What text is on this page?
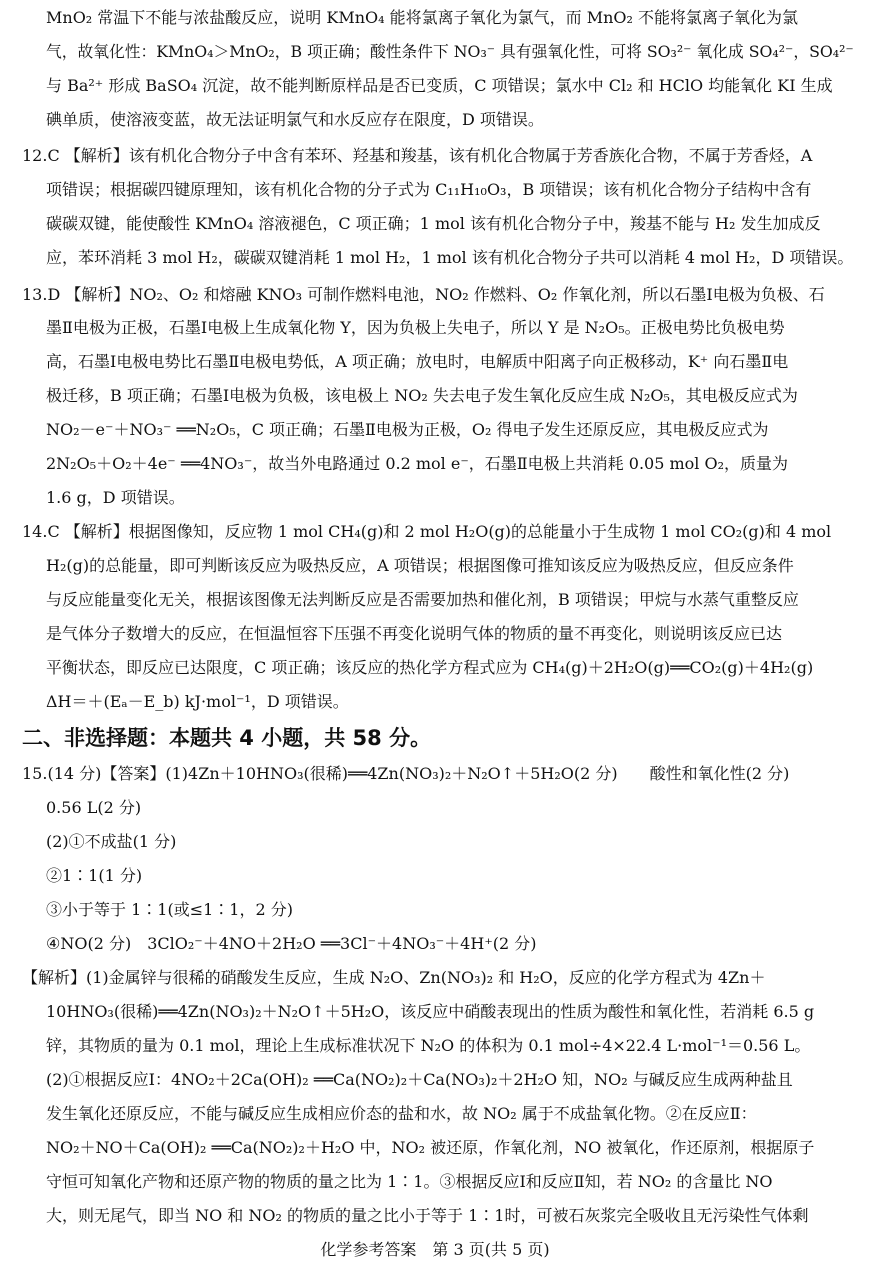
MnO₂ 常温下不能与浓盐酸反应，说明 KMnO₄ 能将氯离子氧化为氯气，而 MnO₂ 不能将氯离子氧化为氯
气，故氧化性：KMnO₄＞MnO₂，B 项正确；酸性条件下 NO₃⁻ 具有强氧化性，可将 SO₃²⁻ 氧化成 SO₄²⁻，SO₄²⁻
与 Ba²⁺ 形成 BaSO₄ 沉淀，故不能判断原样品是否已变质，C 项错误；氯水中 Cl₂ 和 HClO 均能氧化 KI 生成
碘单质，使溶液变蓝，故无法证明氯气和水反应存在限度，D 项错误。
12.C 【解析】该有机化合物分子中含有苯环、羟基和羧基，该有机化合物属于芳香族化合物，不属于芳香烃，A
项错误；根据碳四键原理知，该有机化合物的分子式为 C₁₁H₁₀O₃，B 项错误；该有机化合物分子结构中含有
碳碳双键，能使酸性 KMnO₄ 溶液褪色，C 项正确；1 mol 该有机化合物分子中，羧基不能与 H₂ 发生加成反
应，苯环消耗 3 mol H₂，碳碳双键消耗 1 mol H₂，1 mol 该有机化合物分子共可以消耗 4 mol H₂，D 项错误。
13.D 【解析】NO₂、O₂ 和熔融 KNO₃ 可制作燃料电池，NO₂ 作燃料、O₂ 作氧化剂，所以石墨Ⅰ电极为负极、石
墨Ⅱ电极为正极，石墨Ⅰ电极上生成氧化物 Y，因为负极上失电子，所以 Y 是 N₂O₅。正极电势比负极电势
高，石墨Ⅰ电极电势比石墨Ⅱ电极电势低，A 项正确；放电时，电解质中阳离子向正极移动，K⁺ 向石墨Ⅱ电
极迁移，B 项正确；石墨Ⅰ电极为负极，该电极上 NO₂ 失去电子发生氧化反应生成 N₂O₅，其电极反应式为
NO₂－e⁻＋NO₃⁻ ══N₂O₅，C 项正确；石墨Ⅱ电极为正极，O₂ 得电子发生还原反应，其电极反应式为
2N₂O₅＋O₂＋4e⁻ ══4NO₃⁻，故当外电路通过 0.2 mol e⁻，石墨Ⅱ电极上共消耗 0.05 mol O₂，质量为
1.6 g，D 项错误。
14.C 【解析】根据图像知，反应物 1 mol CH₄(g)和 2 mol H₂O(g)的总能量小于生成物 1 mol CO₂(g)和 4 mol
H₂(g)的总能量，即可判断该反应为吸热反应，A 项错误；根据图像可推知该反应为吸热反应，但反应条件
与反应能量变化无关，根据该图像无法判断反应是否需要加热和催化剂，B 项错误；甲烷与水蒸气重整反应
是气体分子数增大的反应，在恒温恒容下压强不再变化说明气体的物质的量不再变化，则说明该反应已达
平衡状态，即反应已达限度，C 项正确；该反应的热化学方程式应为 CH₄(g)＋2H₂O(g)══CO₂(g)＋4H₂(g)
ΔH＝＋(Eₐ－E_b) kJ·mol⁻¹，D 项错误。
二、非选择题：本题共 4 小题，共 58 分。
15.(14 分)【答案】(1)4Zn＋10HNO₃(很稀)══4Zn(NO₃)₂＋N₂O↑＋5H₂O(2 分)　　酸性和氧化性(2 分)
0.56 L(2 分)
(2)①不成盐(1 分)
②1∶1(1 分)
③小于等于 1∶1(或≤1∶1，2 分)
④NO(2 分)　3ClO₂⁻＋4NO＋2H₂O ══3Cl⁻＋4NO₃⁻＋4H⁺(2 分)
【解析】(1)金属锌与很稀的硝酸发生反应，生成 N₂O、Zn(NO₃)₂ 和 H₂O，反应的化学方程式为 4Zn＋
10HNO₃(很稀)══4Zn(NO₃)₂＋N₂O↑＋5H₂O，该反应中硝酸表现出的性质为酸性和氧化性，若消耗 6.5 g
锌，其物质的量为 0.1 mol，理论上生成标准状况下 N₂O 的体积为 0.1 mol÷4×22.4 L·mol⁻¹＝0.56 L。
(2)①根据反应Ⅰ：4NO₂＋2Ca(OH)₂ ══Ca(NO₂)₂＋Ca(NO₃)₂＋2H₂O 知，NO₂ 与碱反应生成两种盐且
发生氧化还原反应，不能与碱反应生成相应价态的盐和水，故 NO₂ 属于不成盐氧化物。②在反应Ⅱ：
NO₂＋NO＋Ca(OH)₂ ══Ca(NO₂)₂＋H₂O 中，NO₂ 被还原，作氧化剂，NO 被氧化，作还原剂，根据原子
守恒可知氧化产物和还原产物的物质的量之比为 1∶1。③根据反应Ⅰ和反应Ⅱ知，若 NO₂ 的含量比 NO
大，则无尾气，即当 NO 和 NO₂ 的物质的量之比小于等于 1∶1时，可被石灰浆完全吸收且无污染性气体剩
化学参考答案　第 3 页(共 5 页)
